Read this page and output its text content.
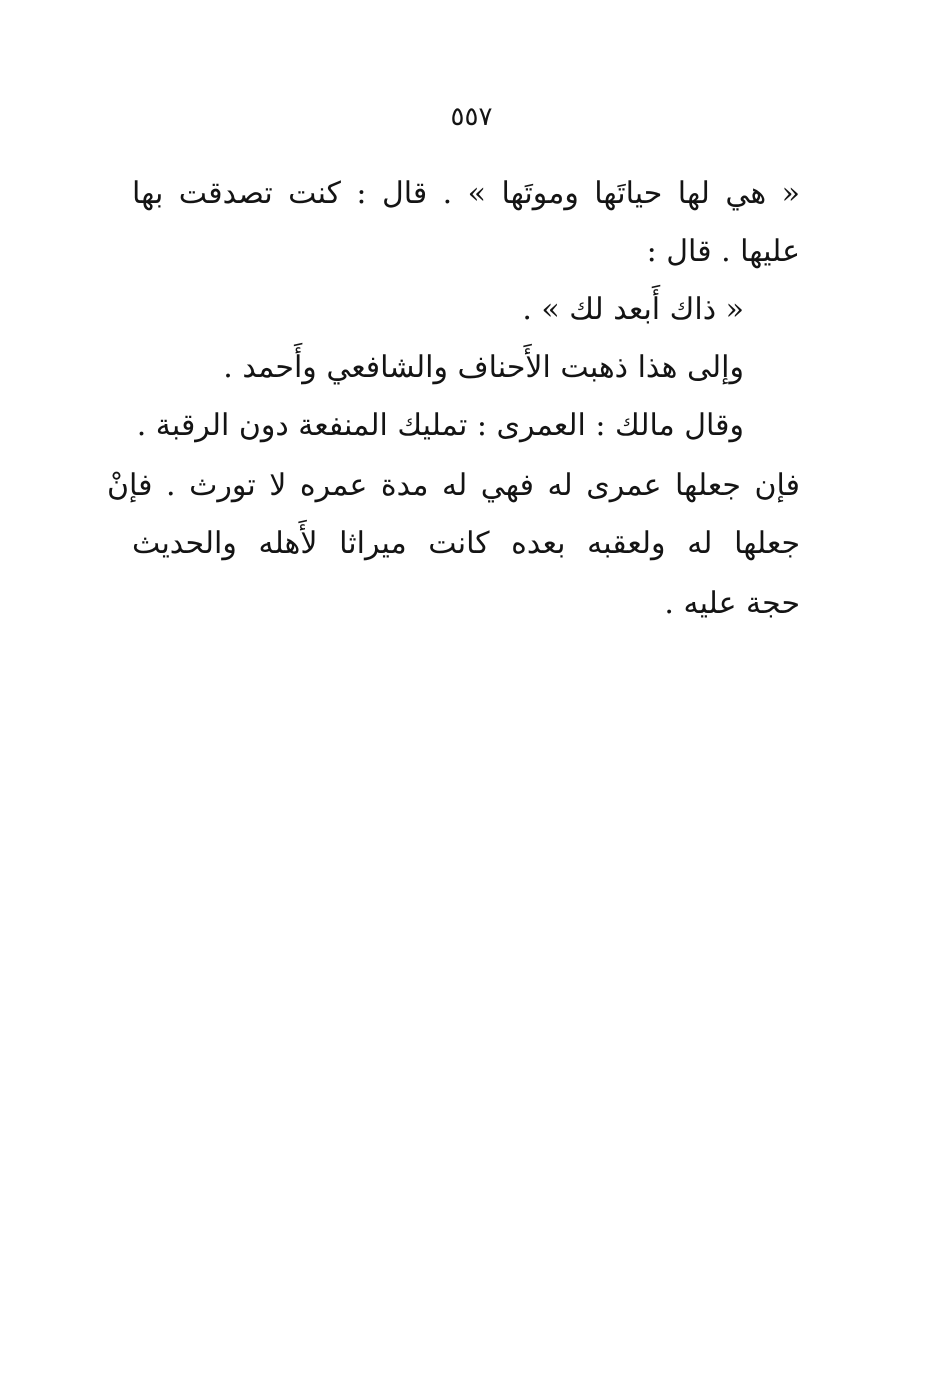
٥٥٧
« هي لها حياتَها وموتَها » . قال : كنت تصدقت بها
عليها . قال :
« ذاك أَبعد لك » .
وإلى هذا ذهبت الأَحناف والشافعي وأَحمد .
وقال مالك : العمرى : تمليك المنفعة دون الرقبة .
فإن جعلها عمرى له فهي له مدة عمره لا تورث . فإنْ
جعلها له ولعقبه بعده كانت ميراثا لأَهله والحديث
حجة عليه .
